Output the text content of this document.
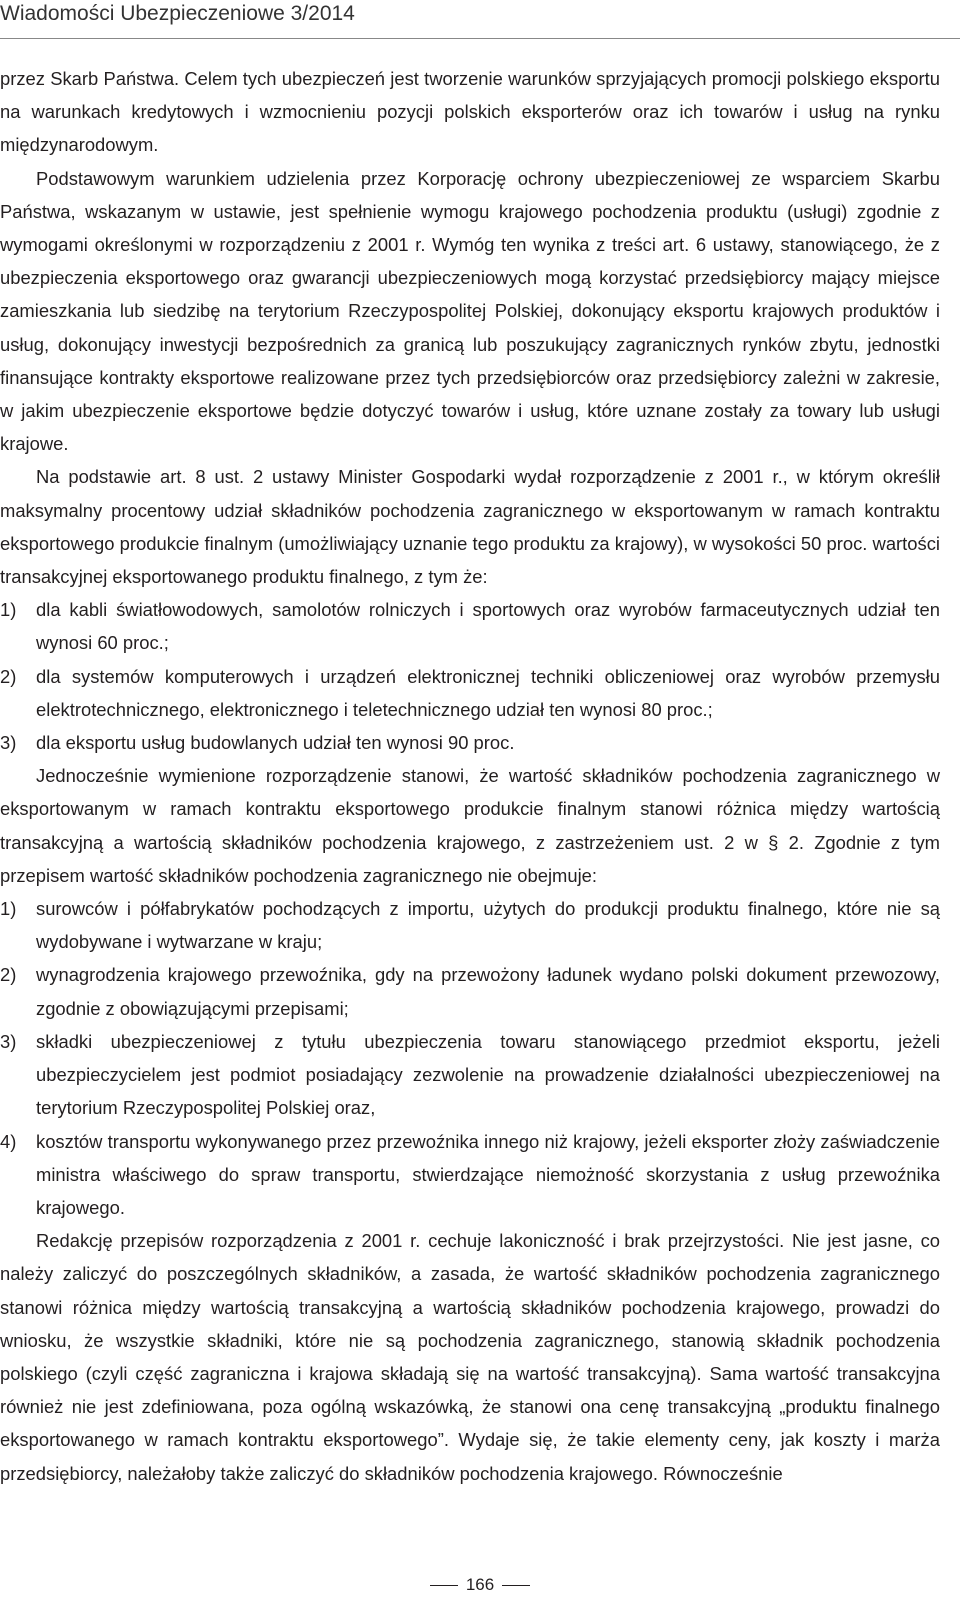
Wiadomości Ubezpieczeniowe 3/2014

przez Skarb Państwa. Celem tych ubezpieczeń jest tworzenie warunków sprzyjających promocji polskiego eksportu na warunkach kredytowych i wzmocnieniu pozycji polskich eksporterów oraz ich towarów i usług na rynku międzynarodowym.

Podstawowym warunkiem udzielenia przez Korporację ochrony ubezpieczeniowej ze wsparciem Skarbu Państwa, wskazanym w ustawie, jest spełnienie wymogu krajowego pochodzenia produktu (usługi) zgodnie z wymogami określonymi w rozporządzeniu z 2001 r. Wymóg ten wynika z treści art. 6 ustawy, stanowiącego, że z ubezpieczenia eksportowego oraz gwarancji ubezpieczeniowych mogą korzystać przedsiębiorcy mający miejsce zamieszkania lub siedzibę na terytorium Rzeczypospolitej Polskiej, dokonujący eksportu krajowych produktów i usług, dokonujący inwestycji bezpośrednich za granicą lub poszukujący zagranicznych rynków zbytu, jednostki finansujące kontrakty eksportowe realizowane przez tych przedsiębiorców oraz przedsiębiorcy zależni w zakresie, w jakim ubezpieczenie eksportowe będzie dotyczyć towarów i usług, które uznane zostały za towary lub usługi krajowe.

Na podstawie art. 8 ust. 2 ustawy Minister Gospodarki wydał rozporządzenie z 2001 r., w którym określił maksymalny procentowy udział składników pochodzenia zagranicznego w eksportowanym w ramach kontraktu eksportowego produkcie finalnym (umożliwiający uznanie tego produktu za krajowy), w wysokości 50 proc. wartości transakcyjnej eksportowanego produktu finalnego, z tym że:

1) dla kabli światłowodowych, samolotów rolniczych i sportowych oraz wyrobów farmaceutycznych udział ten wynosi 60 proc.;
2) dla systemów komputerowych i urządzeń elektronicznej techniki obliczeniowej oraz wyrobów przemysłu elektrotechnicznego, elektronicznego i teletechnicznego udział ten wynosi 80 proc.;
3) dla eksportu usług budowlanych udział ten wynosi 90 proc.

Jednocześnie wymienione rozporządzenie stanowi, że wartość składników pochodzenia zagranicznego w eksportowanym w ramach kontraktu eksportowego produkcie finalnym stanowi różnica między wartością transakcyjną a wartością składników pochodzenia krajowego, z zastrzeżeniem ust. 2 w § 2. Zgodnie z tym przepisem wartość składników pochodzenia zagranicznego nie obejmuje:

1) surowców i półfabrykatów pochodzących z importu, użytych do produkcji produktu finalnego, które nie są wydobywane i wytwarzane w kraju;
2) wynagrodzenia krajowego przewoźnika, gdy na przewożony ładunek wydano polski dokument przewozowy, zgodnie z obowiązującymi przepisami;
3) składki ubezpieczeniowej z tytułu ubezpieczenia towaru stanowiącego przedmiot eksportu, jeżeli ubezpieczycielem jest podmiot posiadający zezwolenie na prowadzenie działalności ubezpieczeniowej na terytorium Rzeczypospolitej Polskiej oraz,
4) kosztów transportu wykonywanego przez przewoźnika innego niż krajowy, jeżeli eksporter złoży zaświadczenie ministra właściwego do spraw transportu, stwierdzające niemożność skorzystania z usług przewoźnika krajowego.

Redakcję przepisów rozporządzenia z 2001 r. cechuje lakoniczność i brak przejrzystości. Nie jest jasne, co należy zaliczyć do poszczególnych składników, a zasada, że wartość składników pochodzenia zagranicznego stanowi różnica między wartością transakcyjną a wartością składników pochodzenia krajowego, prowadzi do wniosku, że wszystkie składniki, które nie są pochodzenia zagranicznego, stanowią składnik pochodzenia polskiego (czyli część zagraniczna i krajowa składają się na wartość transakcyjną). Sama wartość transakcyjna również nie jest zdefiniowana, poza ogólną wskazówką, że stanowi ona cenę transakcyjną „produktu finalnego eksportowanego w ramach kontraktu eksportowego”. Wydaje się, że takie elementy ceny, jak koszty i marża przedsiębiorcy, należałoby także zaliczyć do składników pochodzenia krajowego. Równocześnie

166
